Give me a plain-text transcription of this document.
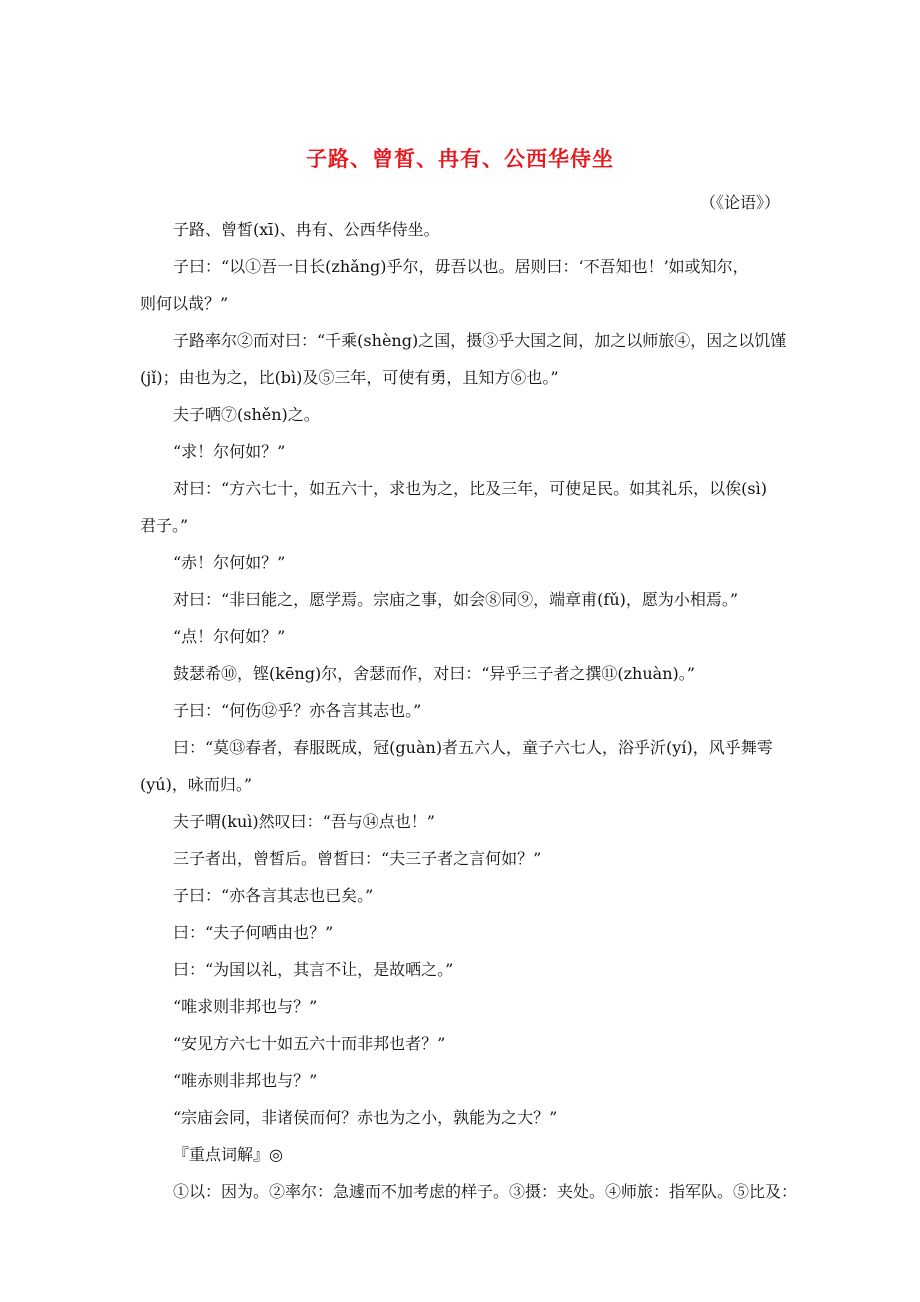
子路、曾皙、冉有、公西华侍坐
（《论语》）
子路、曾皙(xī)、冉有、公西华侍坐。
子曰：“以①吾一日长(zhǎng)乎尔，毋吾以也。居则曰：‘不吾知也！’如或知尔，
则何以哉？”
子路率尔②而对曰：“千乘(shèng)之国，摄③乎大国之间，加之以师旅④，因之以饥馑
(jǐ)；由也为之，比(bì)及⑤三年，可使有勇，且知方⑥也。”
夫子哂⑦(shěn)之。
“求！尔何如？”
对曰：“方六七十，如五六十，求也为之，比及三年，可使足民。如其礼乐，以俟(sì)
君子。”
“赤！尔何如？”
对曰：“非曰能之，愿学焉。宗庙之事，如会⑧同⑨，端章甫(fǔ)，愿为小相焉。”
“点！尔何如？”
鼓瑟希⑩，铿(kēng)尔，舍瑟而作，对曰：“异乎三子者之撰⑪(zhuàn)。”
子曰：“何伤⑫乎？亦各言其志也。”
曰：“莫⑬春者，春服既成，冠(guàn)者五六人，童子六七人，浴乎沂(yí)，风乎舞雩
(yú)，咏而归。”
夫子喟(kuì)然叹曰：“吾与⑭点也！”
三子者出，曾皙后。曾皙曰：“夫三子者之言何如？”
子曰：“亦各言其志也已矣。”
曰：“夫子何哂由也？”
曰：“为国以礼，其言不让，是故哂之。”
“唯求则非邦也与？”
“安见方六七十如五六十而非邦也者？”
“唯赤则非邦也与？”
“宗庙会同，非诸侯而何？赤也为之小，孰能为之大？”
『重点词解』◎
①以：因为。②率尔：急遽而不加考虑的样子。③摄：夹处。④师旅：指军队。⑤比及：
